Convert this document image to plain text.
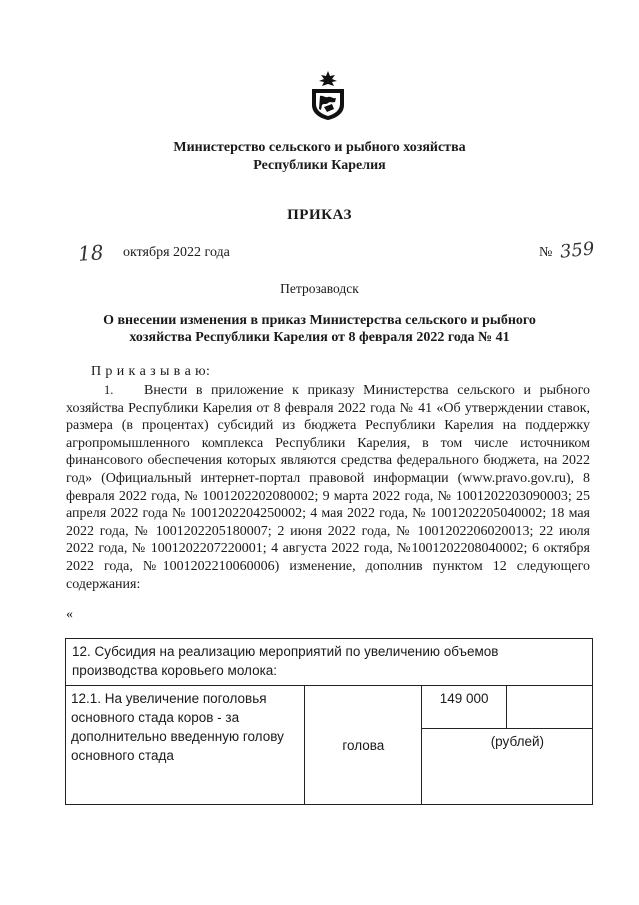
Министерство сельского и рыбного хозяйства
Республики Карелия
ПРИКАЗ
18 октября 2022 года	№ 359
Петрозаводск
О внесении изменения в приказ Министерства сельского и рыбного
хозяйства Республики Карелия от 8 февраля 2022 года № 41
П р и к а з ы в а ю:
1. Внести в приложение к приказу Министерства сельского и рыбного хозяйства Республики Карелия от 8 февраля 2022 года № 41 «Об утверждении ставок, размера (в процентах) субсидий из бюджета Республики Карелия на поддержку агропромышленного комплекса Республики Карелия, в том числе источником финансового обеспечения которых являются средства федерального бюджета, на 2022 год» (Официальный интернет-портал правовой информации (www.pravo.gov.ru), 8 февраля 2022 года, № 1001202202080002; 9 марта 2022 года, № 1001202203090003; 25 апреля 2022 года № 1001202204250002; 4 мая 2022 года, № 1001202205040002; 18 мая 2022 года, № 1001202205180007; 2 июня 2022 года, № 1001202206020013; 22 июля 2022 года, № 1001202207220001; 4 августа 2022 года, №1001202208040002; 6 октября 2022 года, №1001202210060006) изменение, дополнив пунктом 12 следующего содержания:
«
12. Субсидия на реализацию мероприятий по увеличению объемов производства коровьего молока:
12.1. На увеличение поголовья основного стада коров - за дополнительно введенную голову основного стада	голова	149 000	
(рублей)
